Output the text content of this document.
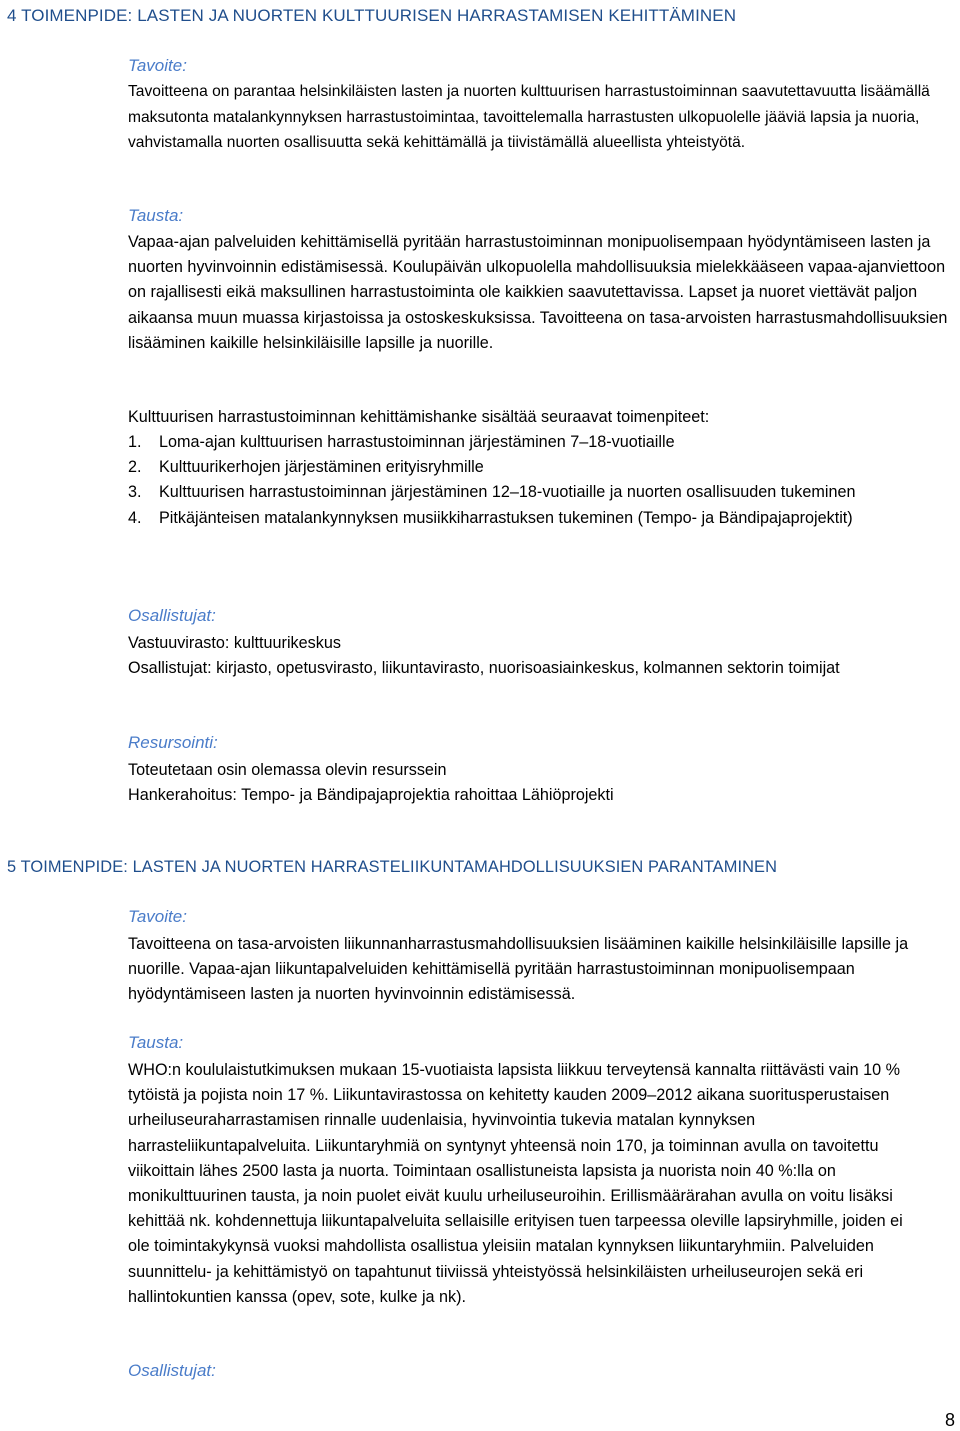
4 TOIMENPIDE: LASTEN JA NUORTEN KULTTUURISEN HARRASTAMISEN KEHITTÄMINEN
Tavoite:
Tavoitteena on parantaa helsinkiläisten lasten ja nuorten kulttuurisen harrastustoiminnan saavutettavuutta lisäämällä maksutonta matalankynnyksen harrastustoimintaa, tavoittelemalla harrastusten ulkopuolelle jääviä lapsia ja nuoria, vahvistamalla nuorten osallisuutta sekä kehittämällä ja tiivistämällä alueellista yhteistyötä.
Tausta:
Vapaa-ajan palveluiden kehittämisellä pyritään harrastustoiminnan monipuolisempaan hyödyntämiseen lasten ja nuorten hyvinvoinnin edistämisessä. Koulupäivän ulkopuolella mahdollisuuksia mielekkääseen vapaa-ajanviettoon on rajallisesti eikä maksullinen harrastustoiminta ole kaikkien saavutettavissa. Lapset ja nuoret viettävät paljon aikaansa muun muassa kirjastoissa ja ostoskeskuksissa. Tavoitteena on tasa-arvoisten harrastusmahdollisuuksien lisääminen kaikille helsinkiläisille lapsille ja nuorille.
Kulttuurisen harrastustoiminnan kehittämishanke sisältää seuraavat toimenpiteet:
1. Loma-ajan kulttuurisen harrastustoiminnan järjestäminen 7–18-vuotiaille
2. Kulttuurikerhojen järjestäminen erityisryhmille
3. Kulttuurisen harrastustoiminnan järjestäminen 12–18-vuotiaille ja nuorten osallisuuden tukeminen
4. Pitkäjänteisen matalankynnyksen musiikkiharrastuksen tukeminen (Tempo- ja Bändipajaprojektit)
Osallistujat:
Vastuuvirasto: kulttuurikeskus
Osallistujat: kirjasto, opetusvirasto, liikuntavirasto, nuorisoasiainkeskus, kolmannen sektorin toimijat
Resursointi:
Toteutetaan osin olemassa olevin resurssein
Hankerahoitus: Tempo- ja Bändipajaprojektia rahoittaa Lähiöprojekti
5 TOIMENPIDE: LASTEN JA NUORTEN HARRASTELIIKUNTAMAHDOLLISUUKSIEN PARANTAMINEN
Tavoite:
Tavoitteena on tasa-arvoisten liikunnanharrastusmahdollisuuksien lisääminen kaikille helsinkiläisille lapsille ja nuorille. Vapaa-ajan liikuntapalveluiden kehittämisellä pyritään harrastustoiminnan monipuolisempaan hyödyntämiseen lasten ja nuorten hyvinvoinnin edistämisessä.
Tausta:
WHO:n koululaistutkimuksen mukaan 15-vuotiaista lapsista liikkuu terveytensä kannalta riittävästi vain 10 % tytöistä ja pojista noin 17 %. Liikuntavirastossa on kehitetty kauden 2009–2012 aikana suoritusperustaisen urheiluseuraharrastamisen rinnalle uudenlaisia, hyvinvointia tukevia matalan kynnyksen harrasteliikuntapalveluita. Liikuntaryhmiä on syntynyt yhteensä noin 170, ja toiminnan avulla on tavoitettu viikoittain lähes 2500 lasta ja nuorta. Toimintaan osallistuneista lapsista ja nuorista noin 40 %:lla on monikulttuurinen tausta, ja noin puolet eivät kuulu urheiluseuroihin. Erillismäärärahan avulla on voitu lisäksi kehittää nk. kohdennettuja liikuntapalveluita sellaisille erityisen tuen tarpeessa oleville lapsiryhmille, joiden ei ole toimintakykynsä vuoksi mahdollista osallistua yleisiin matalan kynnyksen liikuntaryhmiin. Palveluiden suunnittelu- ja kehittämistyö on tapahtunut tiiviissä yhteistyössä helsinkiläisten urheiluseurojen sekä eri hallintokuntien kanssa (opev, sote, kulke ja nk).
Osallistujat:
8
